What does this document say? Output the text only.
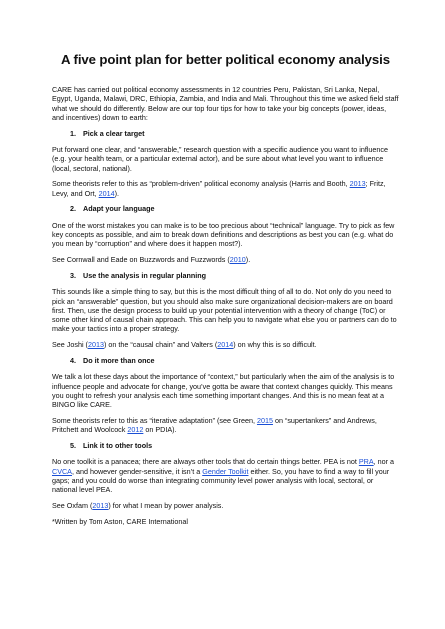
A five point plan for better political economy analysis

CARE has carried out political economy assessments in 12 countries Peru, Pakistan, Sri Lanka, Nepal, Egypt, Uganda, Malawi, DRC, Ethiopia, Zambia, and India and Mali. Throughout this time we asked field staff what we should do differently. Below are our top four tips for how to take your big concepts (power, ideas, and incentives) down to earth:

1. Pick a clear target

Put forward one clear, and “answerable,” research question with a specific audience you want to influence (e.g. your health team, or a particular external actor), and be sure about what level you want to influence (local, sectoral, national).

Some theorists refer to this as “problem-driven” political economy analysis (Harris and Booth, 2013; Fritz, Levy, and Ort, 2014).

2. Adapt your language

One of the worst mistakes you can make is to be too precious about “technical” language. Try to pick as few key concepts as possible, and aim to break down definitions and descriptions as best you can (e.g. what do you mean by “corruption” and where does it happen most?).

See Cornwall and Eade on Buzzwords and Fuzzwords (2010).

3. Use the analysis in regular planning

This sounds like a simple thing to say, but this is the most difficult thing of all to do. Not only do you need to pick an “answerable” question, but you should also make sure organizational decision-makers are on board first. Then, use the design process to build up your potential intervention with a theory of change (ToC) or some other kind of causal chain approach. This can help you to navigate what else you or partners can do to make your tactics into a proper strategy.

See Joshi (2013) on the “causal chain” and Valters (2014) on why this is so difficult.

4. Do it more than once

We talk a lot these days about the importance of “context,” but particularly when the aim of the analysis is to influence people and advocate for change, you’ve gotta be aware that context changes quickly. This means you ought to refresh your analysis each time something important changes. And this is no mean feat at a BINGO like CARE.

Some theorists refer to this as “iterative adaptation” (see Green, 2015 on “supertankers” and Andrews, Pritchett and Woolcock 2012 on PDIA).

5. Link it to other tools

No one toolkit is a panacea; there are always other tools that do certain things better. PEA is not PRA, nor a CVCA, and however gender-sensitive, it isn’t a Gender Toolkit either. So, you have to find a way to fill your gaps; and you could do worse than integrating community level power analysis with local, sectoral, or national level PEA.

See Oxfam (2013) for what I mean by power analysis.

*Written by Tom Aston, CARE International
